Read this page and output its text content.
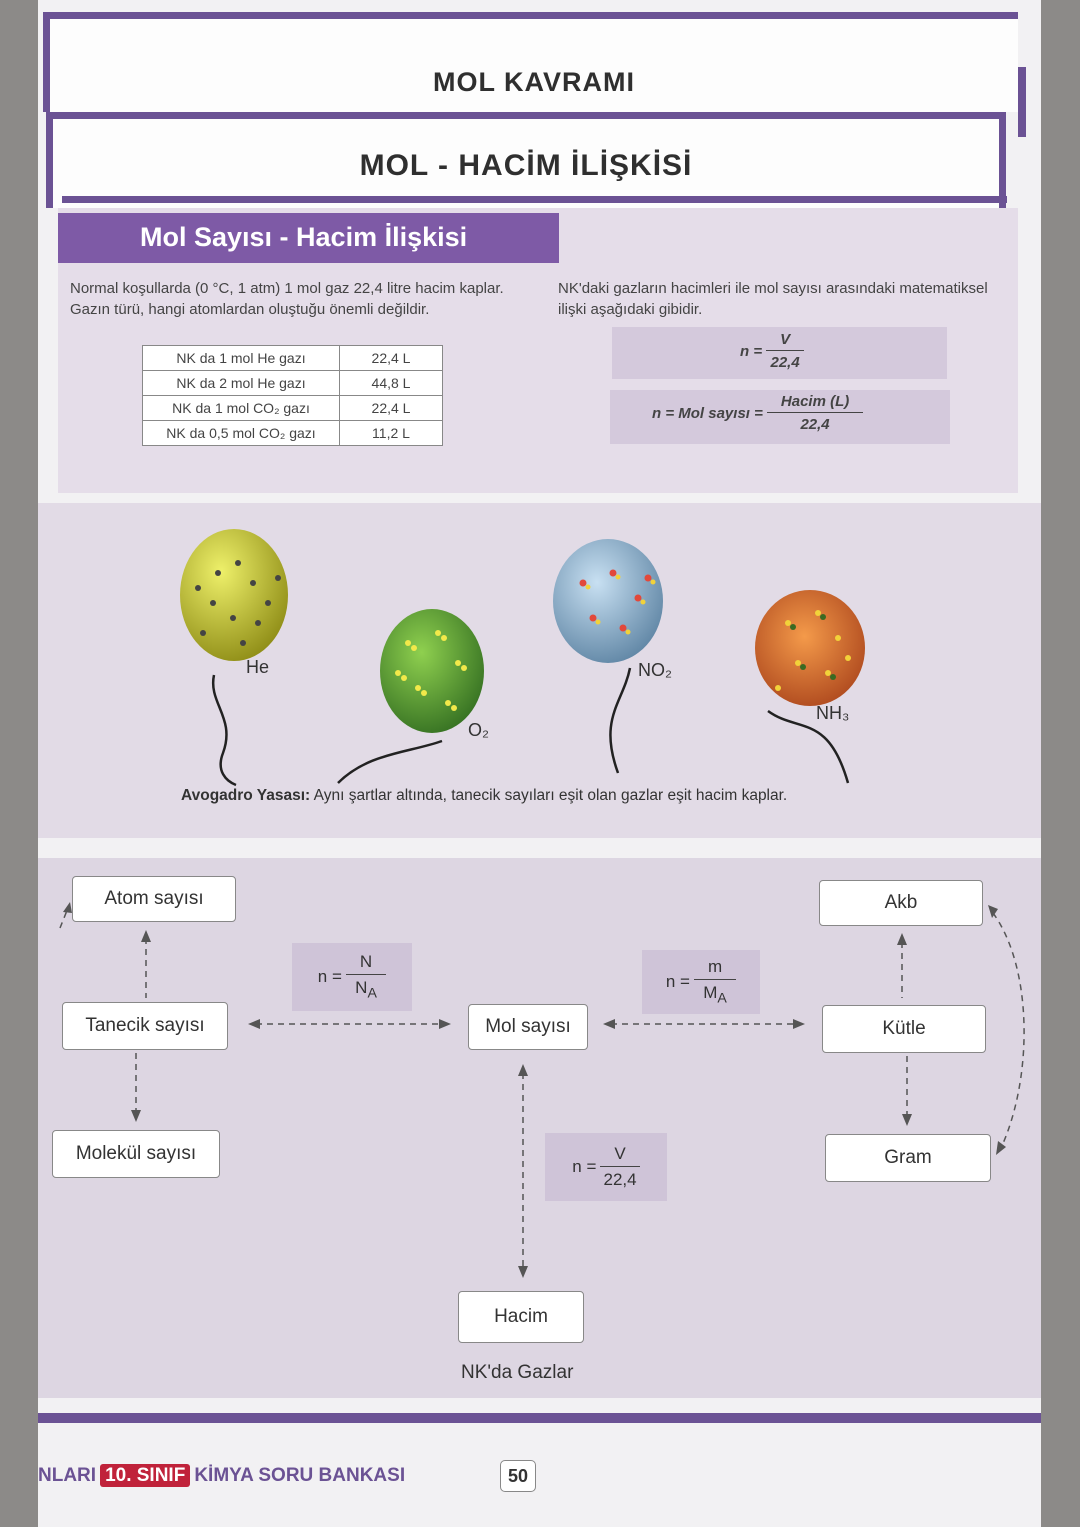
MOL KAVRAMI
MOL - HACİM İLİŞKİSİ
Mol Sayısı - Hacim İlişkisi
Normal koşullarda (0 °C, 1 atm) 1 mol gaz 22,4 litre hacim kaplar. Gazın türü, hangi atomlardan oluştuğu önemli değildir.
NK'daki gazların hacimleri ile mol sayısı arasındaki matematiksel ilişki aşağıdaki gibidir.
NK da 1 mol He gazı	22,4 L
NK da 2 mol He gazı	44,8 L
NK da 1 mol CO₂ gazı	22,4 L
NK da 0,5 mol CO₂ gazı	11,2 L
$n = \frac{V}{22,4}$
n = Mol sayısı = $\frac{\text{Hacim (L)}}{22,4}$
He
O₂
NO₂
NH₃
Avogadro Yasası: Aynı şartlar altında, tanecik sayıları eşit olan gazlar eşit hacim kaplar.
Atom sayısı
Tanecik sayısı
Molekül sayısı
Mol sayısı
Akb
Kütle
Gram
Hacim
NK'da Gazlar
$n = \frac{N}{N_A}$	$n = \frac{m}{M_A}$
$n = \frac{V}{22,4}$
NLARI 10. SINIF KİMYA SORU BANKASI	50
